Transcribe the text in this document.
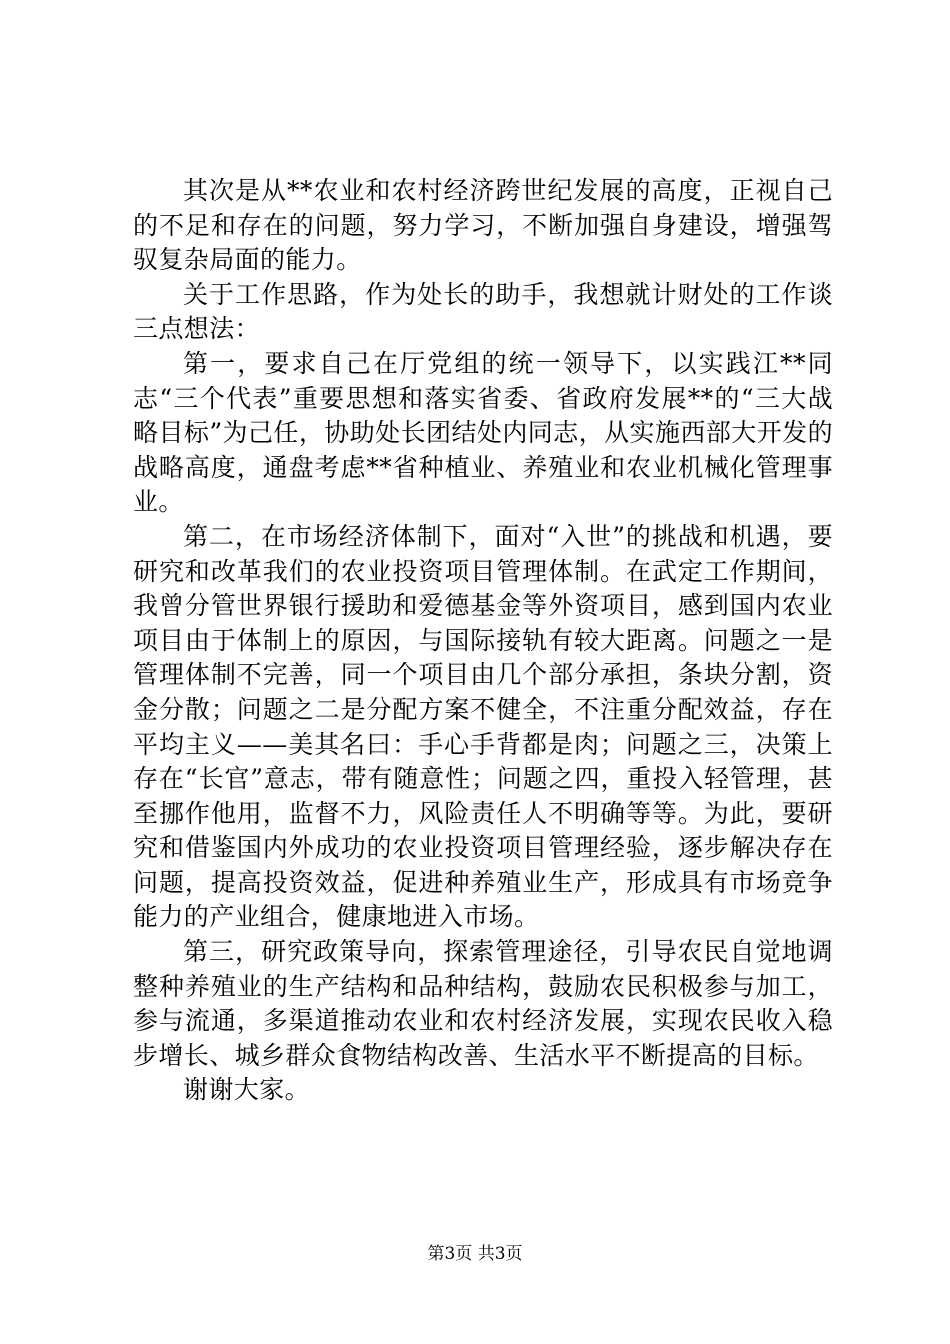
其次是从**农业和农村经济跨世纪发展的高度，正视自己的不足和存在的问题，努力学习，不断加强自身建设，增强驾驭复杂局面的能力。

关于工作思路，作为处长的助手，我想就计财处的工作谈三点想法：

第一，要求自己在厅党组的统一领导下，以实践江**同志“三个代表”重要思想和落实省委、省政府发展**的“三大战略目标”为己任，协助处长团结处内同志，从实施西部大开发的战略高度，通盘考虑**省种植业、养殖业和农业机械化管理事业。

第二，在市场经济体制下，面对“入世”的挑战和机遇，要研究和改革我们的农业投资项目管理体制。在武定工作期间，我曾分管世界银行援助和爱德基金等外资项目，感到国内农业项目由于体制上的原因，与国际接轨有较大距离。问题之一是管理体制不完善，同一个项目由几个部分承担，条块分割，资金分散；问题之二是分配方案不健全，不注重分配效益，存在平均主义——美其名曰：手心手背都是肉；问题之三，决策上存在“长官”意志，带有随意性；问题之四，重投入轻管理，甚至挪作他用，监督不力，风险责任人不明确等等。为此，要研究和借鉴国内外成功的农业投资项目管理经验，逐步解决存在问题，提高投资效益，促进种养殖业生产，形成具有市场竞争能力的产业组合，健康地进入市场。

第三，研究政策导向，探索管理途径，引导农民自觉地调整种养殖业的生产结构和品种结构，鼓励农民积极参与加工，参与流通，多渠道推动农业和农村经济发展，实现农民收入稳步增长、城乡群众食物结构改善、生活水平不断提高的目标。

谢谢大家。

第3页 共3页
